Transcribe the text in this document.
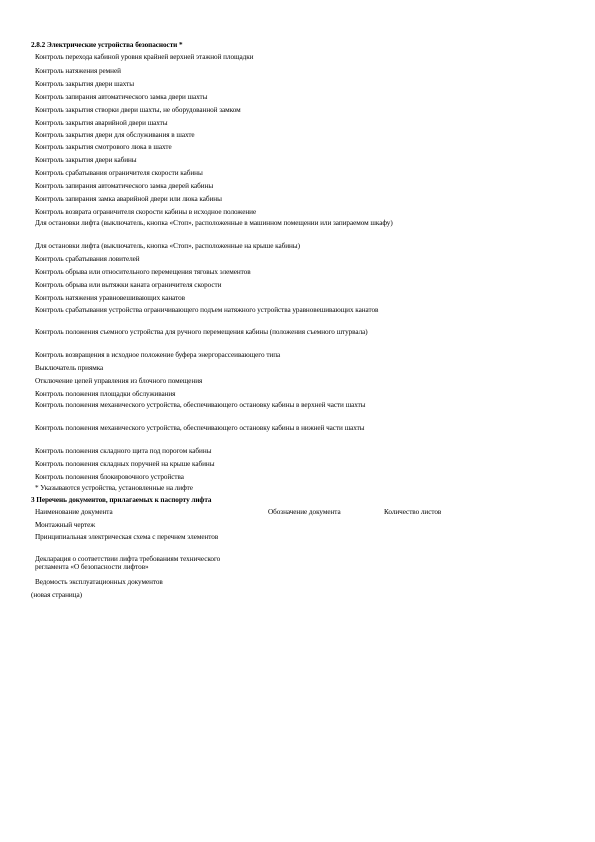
2.8.2 Электрические устройства безопасности *
Контроль перехода кабиной уровня крайней верхней этажной площадки
Контроль натяжения ремней
Контроль закрытия двери шахты
Контроль запирания автоматического замка двери шахты
Контроль закрытия створки двери шахты, не оборудованной замком
Контроль закрытия аварийной двери шахты
Контроль закрытия двери для обслуживания в шахте
Контроль закрытия смотрового люка в шахте
Контроль закрытия двери кабины
Контроль срабатывания ограничителя скорости кабины
Контроль запирания автоматического замка дверей кабины
Контроль запирания замка аварийной двери или люка кабины
Контроль возврата ограничителя скорости кабины в исходное положение
Для остановки лифта (выключатель, кнопка «Стоп», расположенные в машинном помещении или запираемом шкафу)
Для остановки лифта (выключатель, кнопка «Стоп», расположенные на крыше кабины)
Контроль срабатывания ловителей
Контроль обрыва или относительного перемещения тяговых элементов
Контроль обрыва или вытяжки каната ограничителя скорости
Контроль натяжения уравновешивающих канатов
Контроль срабатывания устройства ограничивающего подъем натяжного устройства уравновешивающих канатов
Контроль положения съемного устройства для ручного перемещения кабины (положения съемного штурвала)
Контроль возвращения в исходное положение буфера энергорассеивающего типа
Выключатель приямка
Отключение цепей управления из блочного помещения
Контроль положения площадки обслуживания
Контроль положения механического устройства, обеспечивающего остановку кабины в верхней части шахты
Контроль положения механического устройства, обеспечивающего остановку кабины в нижней части шахты
Контроль положения складного щита под порогом кабины
Контроль положения складных поручней на крыше кабины
Контроль положения блокировочного устройства
* Указываются устройства, установленные на лифте
3 Перечень документов, прилагаемых к паспорту лифта
Наименование документа	Обозначение документа	Количество листов
Монтажный чертеж
Принципиальная электрическая схема с перечнем элементов
Декларация о соответствии лифта требованиям технического регламента «О безопасности лифтов»
Ведомость эксплуатационных документов
(новая страница)
